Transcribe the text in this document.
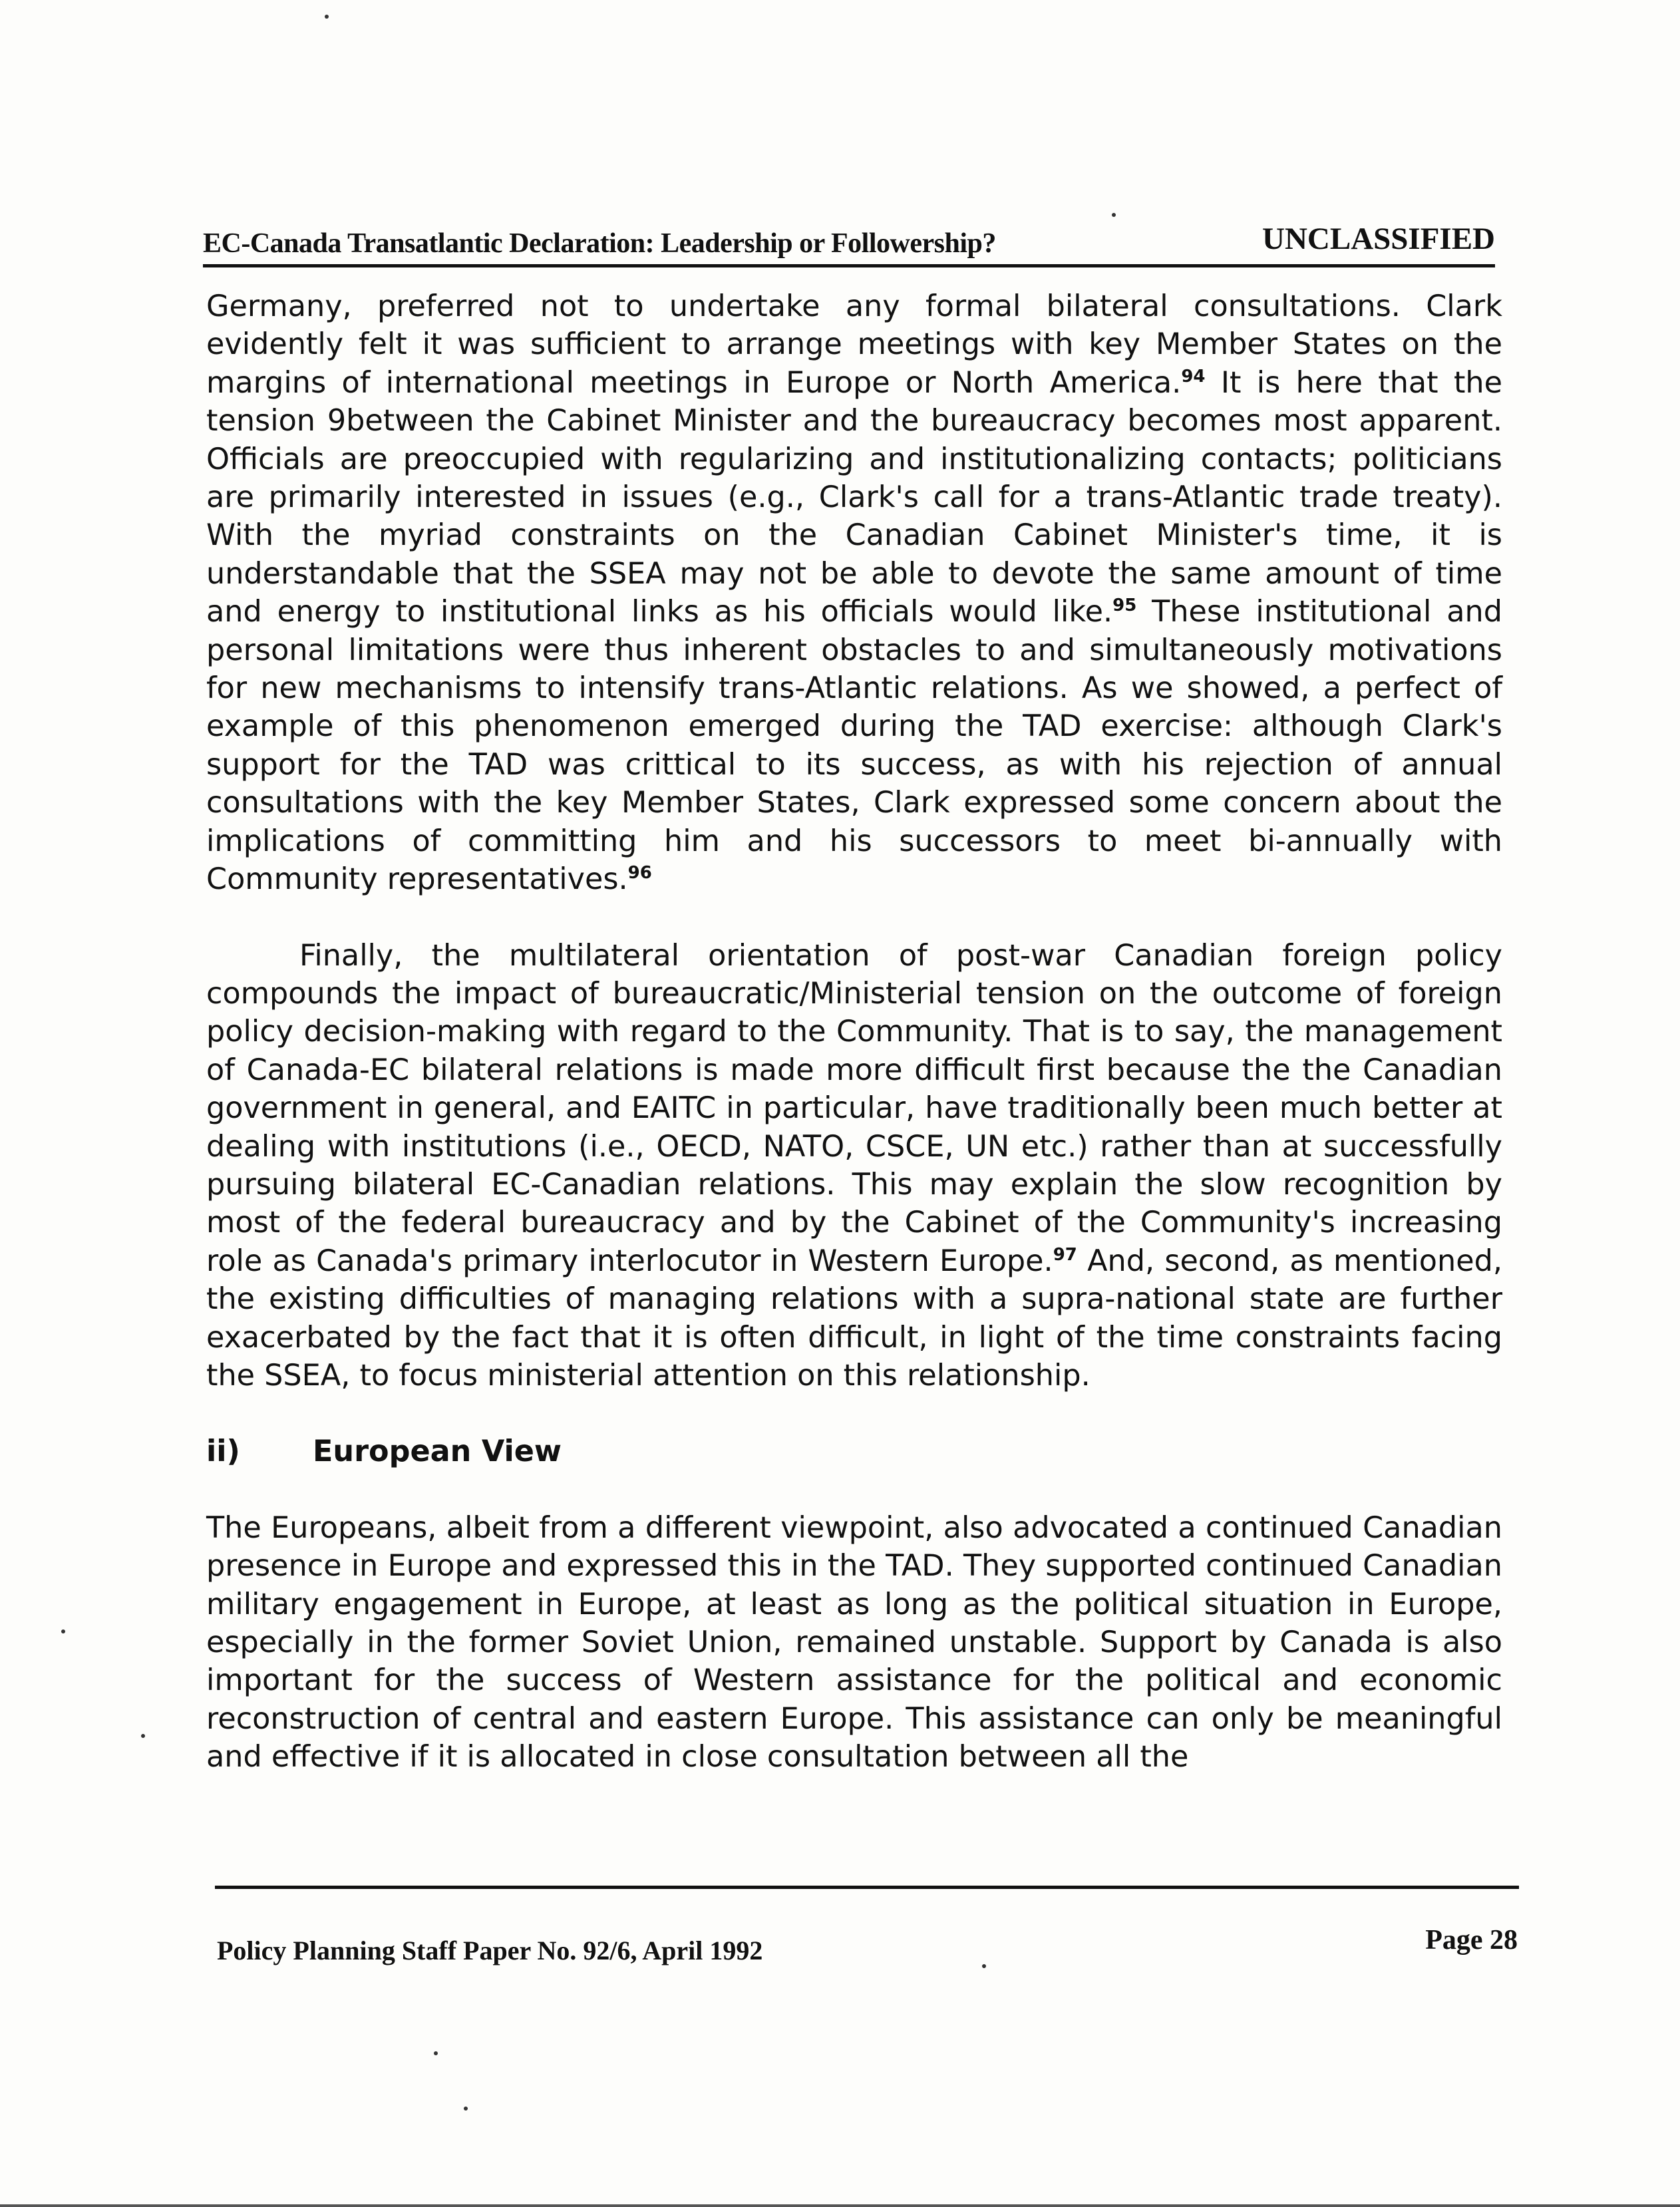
EC-Canada Transatlantic Declaration: Leadership or Followership?	UNCLASSIFIED

Germany, preferred not to undertake any formal bilateral consultations. Clark evidently felt it was sufficient to arrange meetings with key Member States on the margins of international meetings in Europe or North America.$^{94}$ It is here that the tension 9between the Cabinet Minister and the bureaucracy becomes most apparent. Officials are preoccupied with regularizing and institutionalizing contacts; politicians are primarily interested in issues (e.g., Clark's call for a trans-Atlantic trade treaty). With the myriad constraints on the Canadian Cabinet Minister's time, it is understandable that the SSEA may not be able to devote the same amount of time and energy to institutional links as his officials would like.$^{95}$ These institutional and personal limitations were thus inherent obstacles to and simultaneously motivations for new mechanisms to intensify trans-Atlantic relations. As we showed, a perfect of example of this phenomenon emerged during the TAD exercise: although Clark's support for the TAD was crittical to its success, as with his rejection of annual consultations with the key Member States, Clark expressed some concern about the implications of committing him and his successors to meet bi-annually with Community representatives.$^{96}$

Finally, the multilateral orientation of post-war Canadian foreign policy compounds the impact of bureaucratic/Ministerial tension on the outcome of foreign policy decision-making with regard to the Community. That is to say, the management of Canada-EC bilateral relations is made more difficult first because the the Canadian government in general, and EAITC in particular, have traditionally been much better at dealing with institutions (i.e., OECD, NATO, CSCE, UN etc.) rather than at successfully pursuing bilateral EC-Canadian relations. This may explain the slow recognition by most of the federal bureaucracy and by the Cabinet of the Community's increasing role as Canada's primary interlocutor in Western Europe.$^{97}$ And, second, as mentioned, the existing difficulties of managing relations with a supra-national state are further exacerbated by the fact that it is often difficult, in light of the time constraints facing the SSEA, to focus ministerial attention on this relationship.

ii)	European View

The Europeans, albeit from a different viewpoint, also advocated a continued Canadian presence in Europe and expressed this in the TAD. They supported continued Canadian military engagement in Europe, at least as long as the political situation in Europe, especially in the former Soviet Union, remained unstable. Support by Canada is also important for the success of Western assistance for the political and economic reconstruction of central and eastern Europe. This assistance can only be meaningful and effective if it is allocated in close consultation between all the

Policy Planning Staff Paper No. 92/6, April 1992	Page 28
